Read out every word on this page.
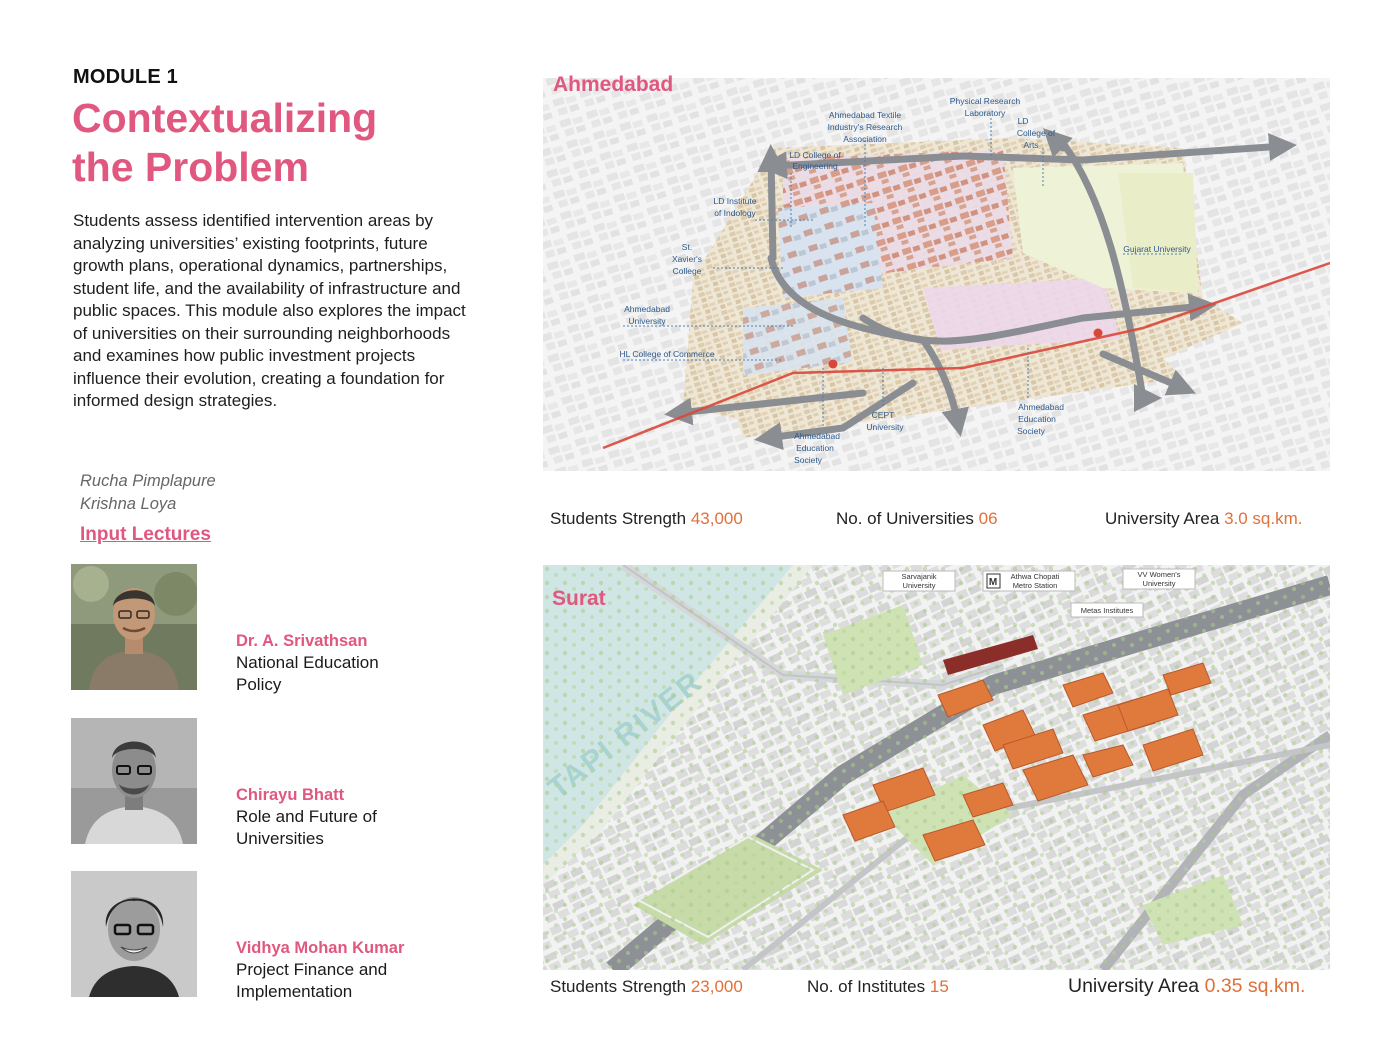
MODULE 1
Contextualizing
the Problem

Students assess identified intervention areas by analyzing universities’ existing footprints, future growth plans, operational dynamics, partnerships, student life, and the availability of infrastructure and public spaces. This module also explores the impact of universities on their surrounding neighborhoods and examines how public investment projects influence their evolution, creating a foundation for informed design strategies.

Rucha Pimplapure
Krishna Loya
Input Lectures
Dr. A. Srivathsan
National Education
Policy
Chirayu Bhatt
Role and Future of
Universities
Vidhya Mohan Kumar
Project Finance and
Implementation
Ahmedabad
Ahmedabad Textile
Industry's Research
Association
Physical Research
Laboratory
LD
College of
Arts
LD College of
Engineering
LD Institute
of Indology
St.
Xavier's
College
Gujarat University
Ahmedabad
University
HL College of Commerce
CEPT
University
Ahmedabad
Education
Society
Ahmedabad
Education
Society
Students Strength 43,000	No. of Universities 06	University Area 3.0 sq.km.
Sarvajanik
University	M
Athwa Chopati
Metro Station
VV Women's
University
Metas Institutes
Surat
Students Strength 23,000	No. of Institutes 15	University Area 0.35 sq.km.
